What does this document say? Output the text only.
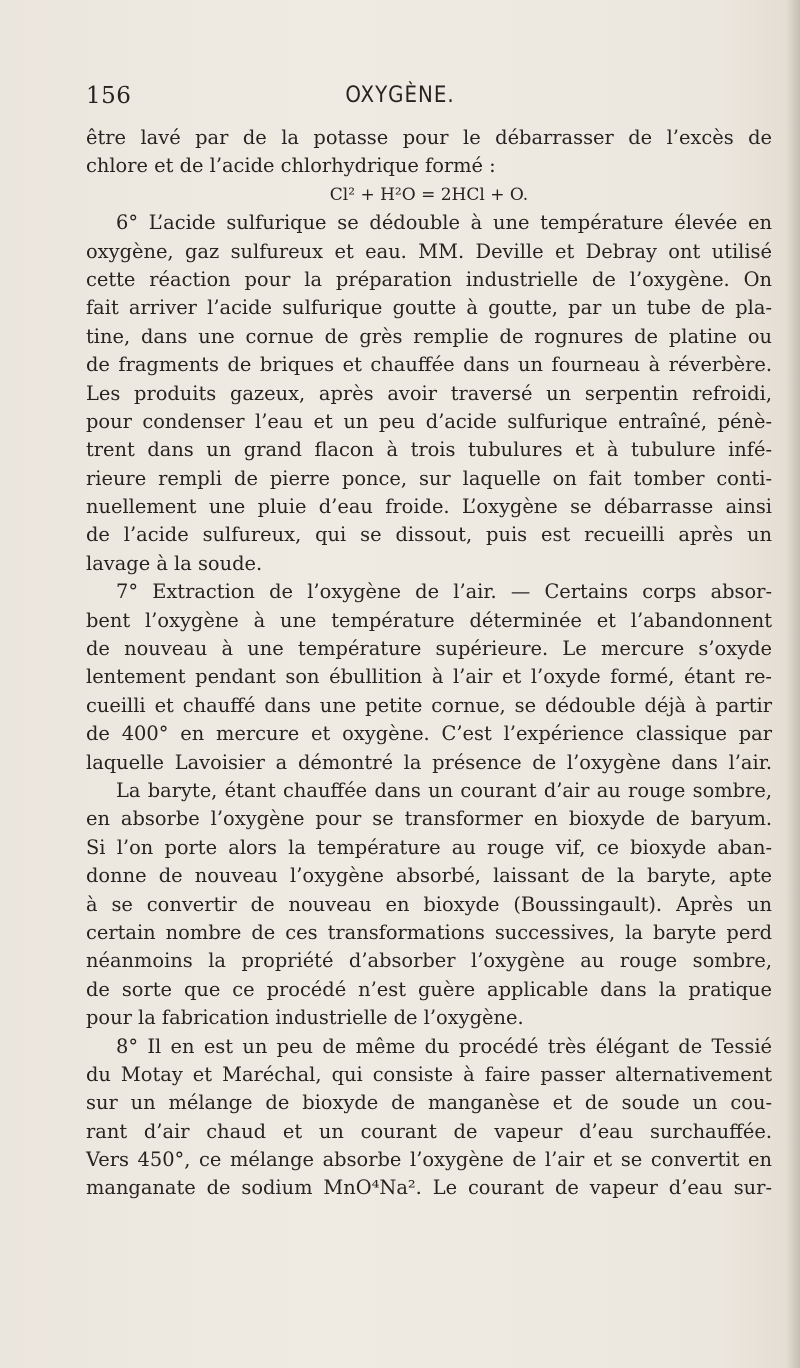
156	OXYGÈNE.
être lavé par de la potasse pour le débarrasser de l’excès de
chlore et de l’acide chlorhydrique formé :
Cl² + H²O = 2HCl + O.
6° L’acide sulfurique se dédouble à une température élevée en
oxygène, gaz sulfureux et eau. MM. Deville et Debray ont utilisé
cette réaction pour la préparation industrielle de l’oxygène. On
fait arriver l’acide sulfurique goutte à goutte, par un tube de pla-
tine, dans une cornue de grès remplie de rognures de platine ou
de fragments de briques et chauffée dans un fourneau à réverbère.
Les produits gazeux, après avoir traversé un serpentin refroidi,
pour condenser l’eau et un peu d’acide sulfurique entraîné, pénè-
trent dans un grand flacon à trois tubulures et à tubulure infé-
rieure rempli de pierre ponce, sur laquelle on fait tomber conti-
nuellement une pluie d’eau froide. L’oxygène se débarrasse ainsi
de l’acide sulfureux, qui se dissout, puis est recueilli après un
lavage à la soude.
7° Extraction de l’oxygène de l’air. — Certains corps absor-
bent l’oxygène à une température déterminée et l’abandonnent
de nouveau à une température supérieure. Le mercure s’oxyde
lentement pendant son ébullition à l’air et l’oxyde formé, étant re-
cueilli et chauffé dans une petite cornue, se dédouble déjà à partir
de 400° en mercure et oxygène. C’est l’expérience classique par
laquelle Lavoisier a démontré la présence de l’oxygène dans l’air.
La baryte, étant chauffée dans un courant d’air au rouge sombre,
en absorbe l’oxygène pour se transformer en bioxyde de baryum.
Si l’on porte alors la température au rouge vif, ce bioxyde aban-
donne de nouveau l’oxygène absorbé, laissant de la baryte, apte
à se convertir de nouveau en bioxyde (Boussingault). Après un
certain nombre de ces transformations successives, la baryte perd
néanmoins la propriété d’absorber l’oxygène au rouge sombre,
de sorte que ce procédé n’est guère applicable dans la pratique
pour la fabrication industrielle de l’oxygène.
8° Il en est un peu de même du procédé très élégant de Tessié
du Motay et Maréchal, qui consiste à faire passer alternativement
sur un mélange de bioxyde de manganèse et de soude un cou-
rant d’air chaud et un courant de vapeur d’eau surchauffée.
Vers 450°, ce mélange absorbe l’oxygène de l’air et se convertit en
manganate de sodium MnO⁴Na². Le courant de vapeur d’eau sur-
